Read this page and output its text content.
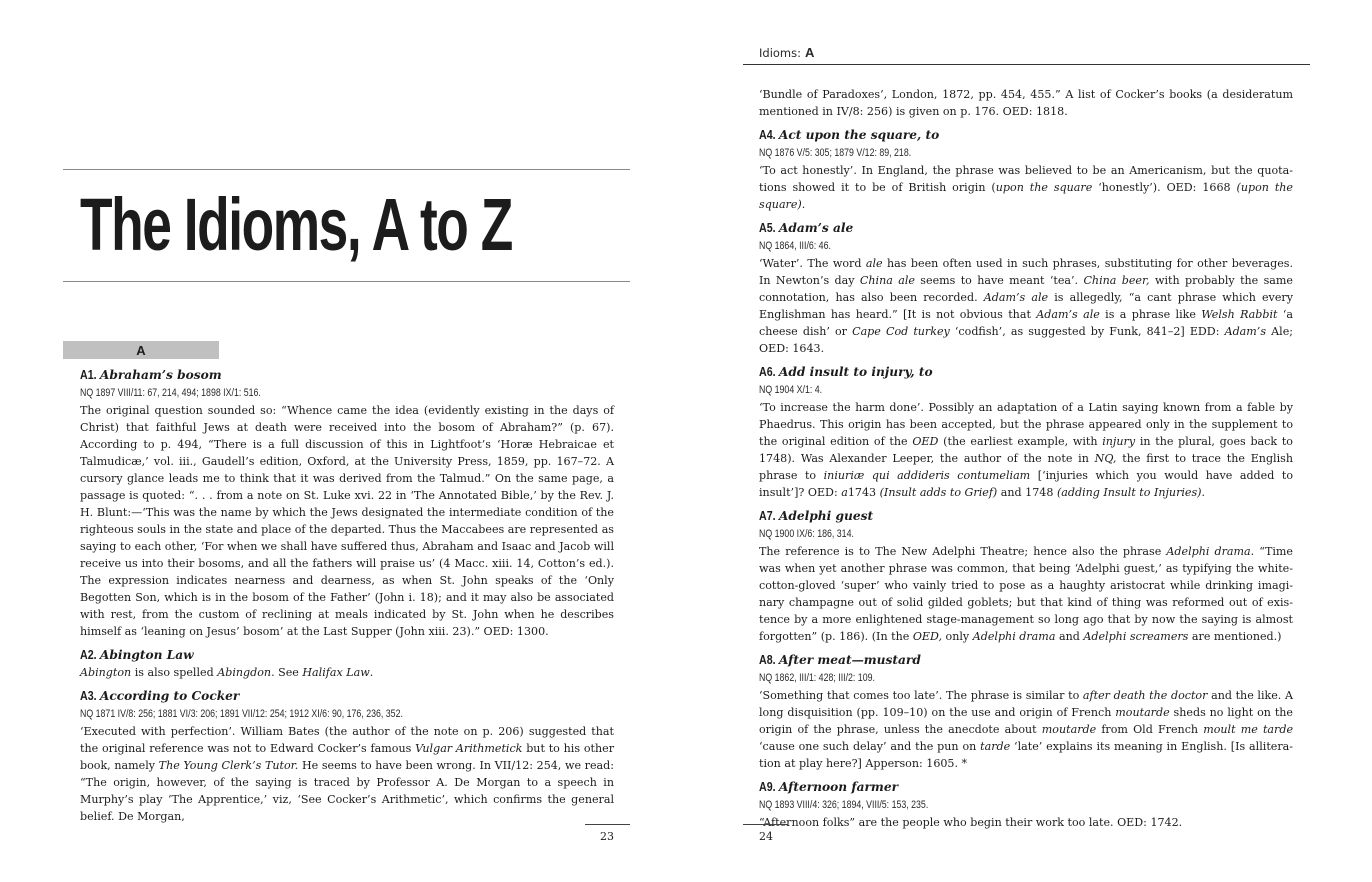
The Idioms, A to Z
A
A1. Abraham’s bosom
NQ 1897 VIII/11: 67, 214, 494; 1898 IX/1: 516.

The original question sounded so: “Whence came the idea (evidently existing in the days of Christ) that faithful Jews at death were received into the bosom of Abraham?” (p. 67). According to p. 494, “There is a full discussion of this in Lightfoot’s ‘Horæ Hebraicae et Talmudicæ,’ vol. iii., Gaudell’s edition, Oxford, at the University Press, 1859, pp. 167–72. A cursory glance leads me to think that it was derived from the Talmud.” On the same page, a passage is quoted: “. . . from a note on St. Luke xvi. 22 in ‘The Annotated Bible,’ by the Rev. J. H. Blunt:—‘This was the name by which the Jews designated the intermediate condition of the righteous souls in the state and place of the departed. Thus the Maccabees are represented as saying to each other, ‘For when we shall have suffered thus, Abraham and Isaac and Jacob will receive us into their bosoms, and all the fathers will praise us’ (4 Macc. xiii. 14, Cotton’s ed.). The expression indicates nearness and dearness, as when St. John speaks of the ‘Only Begotten Son, which is in the bosom of the Father’ (John i. 18); and it may also be associated with rest, from the custom of reclining at meals indicated by St. John when he describes himself as ‘leaning on Jesus’ bosom’ at the Last Supper (John xiii. 23).” OED: 1300.

A2. Abington Law

Abington is also spelled Abingdon. See Halifax Law.

A3. According to Cocker
NQ 1871 IV/8: 256; 1881 VI/3: 206; 1891 VII/12: 254; 1912 XI/6: 90, 176, 236, 352.

‘Executed with perfection’. William Bates (the author of the note on p. 206) suggested that the original reference was not to Edward Cocker’s famous Vulgar Arithmetick but to his other book, namely The Young Clerk’s Tutor. He seems to have been wrong. In VII/12: 254, we read: “The origin, however, of the saying is traced by Professor A. De Morgan to a speech in Murphy’s play ‘The Apprentice,’ viz, ‘See Cocker’s Arithmetic’, which confirms the general belief. De Morgan,

23
Idioms: A

‘Bundle of Paradoxes’, London, 1872, pp. 454, 455.” A list of Cocker’s books (a desideratum mentioned in IV/8: 256) is given on p. 176. OED: 1818.

A4. Act upon the square, to
NQ 1876 V/5: 305; 1879 V/12: 89, 218.

‘To act honestly’. In England, the phrase was believed to be an Americanism, but the quotations showed it to be of British origin (upon the square ‘honestly’). OED: 1668 (upon the square).

A5. Adam’s ale
NQ 1864, III/6: 46.

‘Water’. The word ale has been often used in such phrases, substituting for other beverages. In Newton’s day China ale seems to have meant ‘tea’. China beer, with probably the same connotation, has also been recorded. Adam’s ale is allegedly, “a cant phrase which every Englishman has heard.” [It is not obvious that Adam’s ale is a phrase like Welsh Rabbit ‘a cheese dish’ or Cape Cod turkey ‘codfish’, as suggested by Funk, 841–2] EDD: Adam’s Ale; OED: 1643.

A6. Add insult to injury, to
NQ 1904 X/1: 4.

‘To increase the harm done’. Possibly an adaptation of a Latin saying known from a fable by Phaedrus. This origin has been accepted, but the phrase appeared only in the supplement to the original edition of the OED (the earliest example, with injury in the plural, goes back to 1748). Was Alexander Leeper, the author of the note in NQ, the first to trace the English phrase to iniuriæ qui addideris contumeliam [‘injuries which you would have added to insult’]? OED: a1743 (Insult adds to Grief) and 1748 (adding Insult to Injuries).

A7. Adelphi guest
NQ 1900 IX/6: 186, 314.

The reference is to The New Adelphi Theatre; hence also the phrase Adelphi drama. “Time was when yet another phrase was common, that being ‘Adelphi guest,’ as typifying the white-cotton-gloved ‘super’ who vainly tried to pose as a haughty aristocrat while drinking imaginary champagne out of solid gilded goblets; but that kind of thing was reformed out of existence by a more enlightened stage-management so long ago that by now the saying is almost forgotten” (p. 186). (In the OED, only Adelphi drama and Adelphi screamers are mentioned.)

A8. After meat—mustard
NQ 1862, III/1: 428; III/2: 109.

‘Something that comes too late’. The phrase is similar to after death the doctor and the like. A long disquisition (pp. 109–10) on the use and origin of French moutarde sheds no light on the origin of the phrase, unless the anecdote about moutarde from Old French moult me tarde ‘cause one such delay’ and the pun on tarde ‘late’ explains its meaning in English. [Is alliteration at play here?] Apperson: 1605. *

A9. Afternoon farmer
NQ 1893 VIII/4: 326; 1894, VIII/5: 153, 235.

“Afternoon folks” are the people who begin their work too late. OED: 1742.

24
